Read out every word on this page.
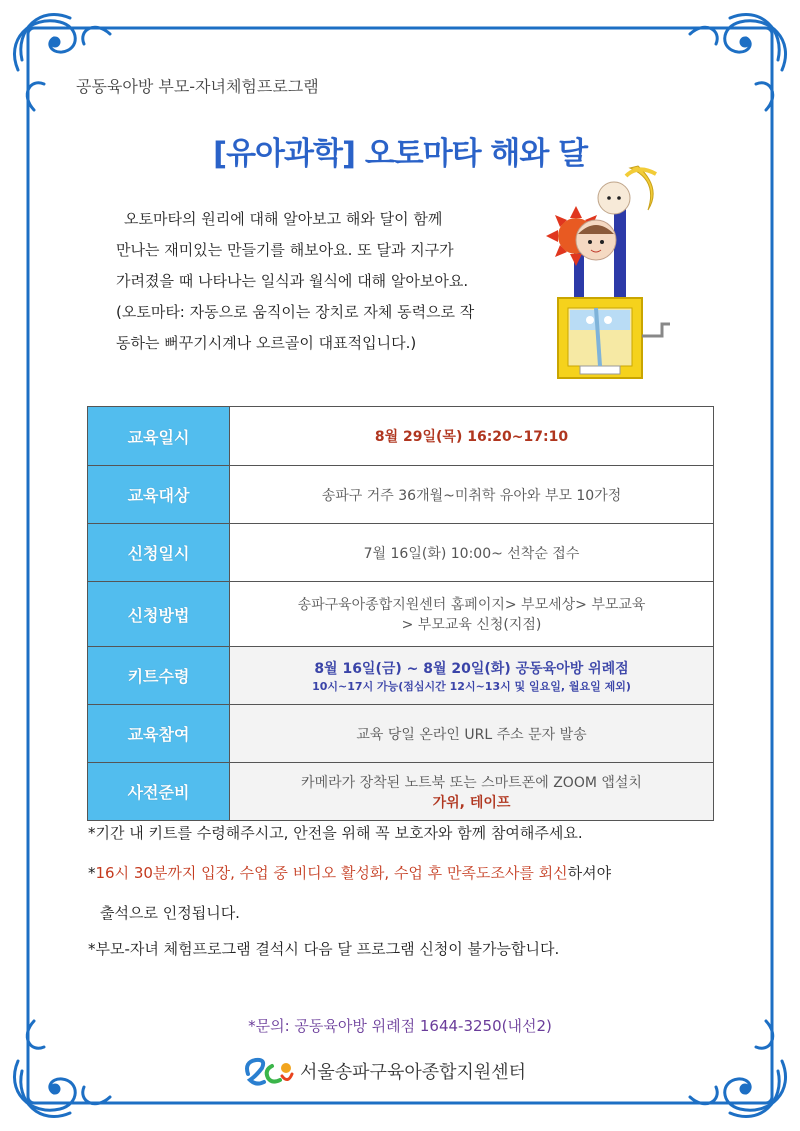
공동육아방 부모-자녀체험프로그램
[유아과학] 오토마타 해와 달

오토마타의 원리에 대해 알아보고 해와 달이 함께

만나는 재미있는 만들기를 해보아요. 또 달과 지구가

가려졌을 때 나타나는 일식과 월식에 대해 알아보아요.

(오토마타: 자동으로 움직이는 장치로 자체 동력으로 작

동하는 뻐꾸기시계나 오르골이 대표적입니다.)

교육일시	8월 29일(목) 16:20~17:10

교육대상	송파구 거주 36개월~미취학 유아와 부모 10가정

신청일시	7월 16일(화) 10:00~ 선착순 접수

신청방법	송파구육아종합지원센터 홈페이지> 부모세상> 부모교육
> 부모교육 신청(지점)

키트수령	8월 16일(금) ~ 8월 20일(화) 공동육아방 위례점
10시~17시 가능(점심시간 12시~13시 및 일요일, 월요일 제외)

교육참여	교육 당일 온라인 URL 주소 문자 발송

사전준비	카메라가 장착된 노트북 또는 스마트폰에 ZOOM 앱설치
가위, 테이프

*기간 내 키트를 수령해주시고, 안전을 위해 꼭 보호자와 함께 참여해주세요.

*16시 30분까지 입장, 수업 중 비디오 활성화, 수업 후 만족도조사를 회신하셔야

출석으로 인정됩니다.

*부모-자녀 체험프로그램 결석시 다음 달 프로그램 신청이 불가능합니다.

*문의: 공동육아방 위례점 1644-3250(내선2)
서울송파구육아종합지원센터
